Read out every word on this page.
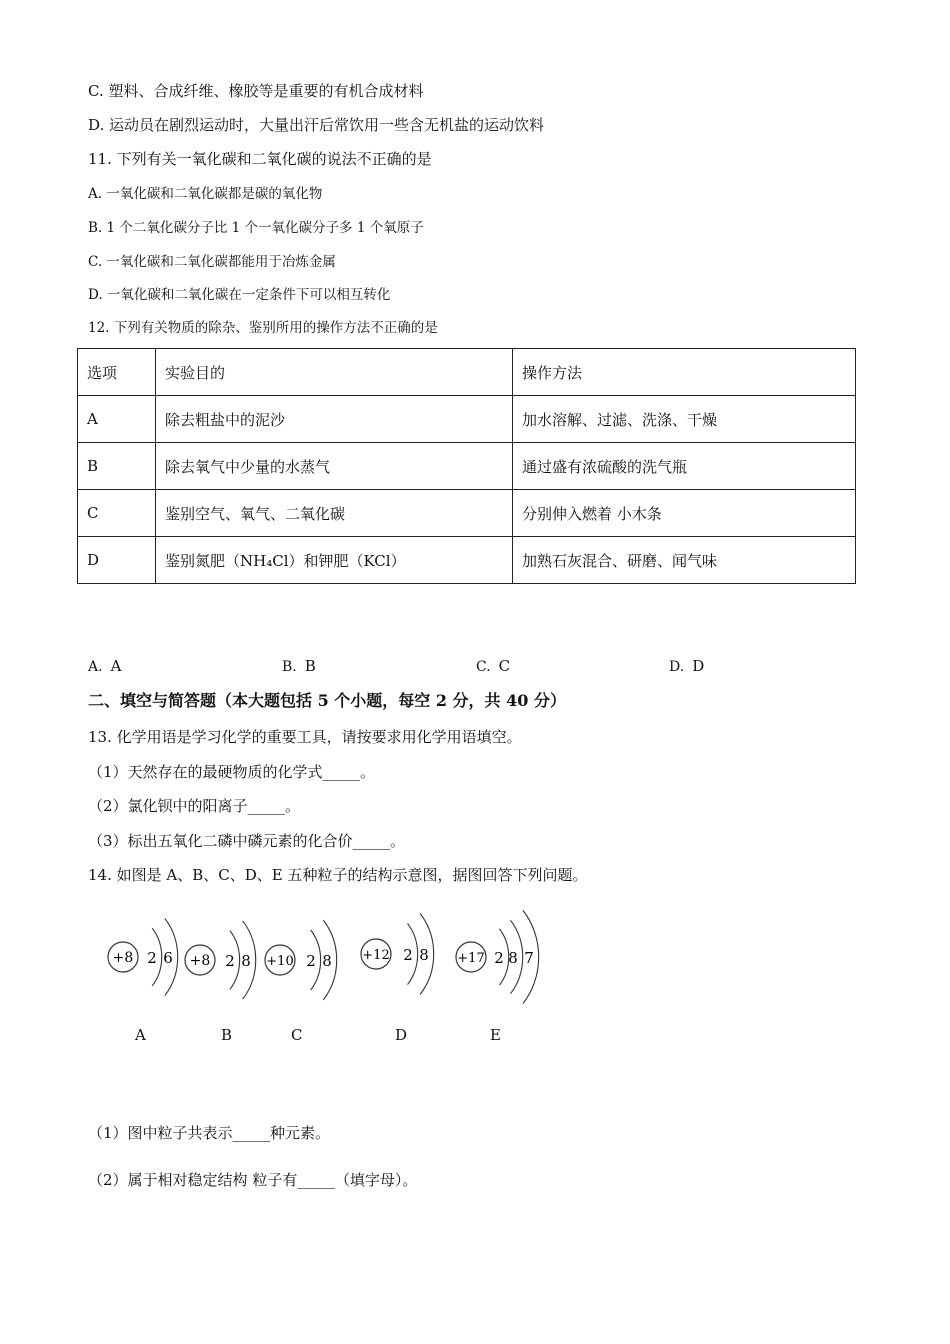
C. 塑料、合成纤维、橡胶等是重要的有机合成材料
D. 运动员在剧烈运动时，大量出汗后常饮用一些含无机盐的运动饮料
11. 下列有关一氧化碳和二氧化碳的说法不正确的是
A. 一氧化碳和二氧化碳都是碳的氧化物
B. 1 个二氧化碳分子比 1 个一氧化碳分子多 1 个氧原子
C. 一氧化碳和二氧化碳都能用于冶炼金属
D. 一氧化碳和二氧化碳在一定条件下可以相互转化
12. 下列有关物质的除杂、鉴别所用的操作方法不正确的是
选项	实验目的	操作方法
A	除去粗盐中的泥沙	加水溶解、过滤、洗涤、干燥
B	除去氧气中少量的水蒸气	通过盛有浓硫酸的洗气瓶
C	鉴别空气、氧气、二氧化碳	分别伸入燃着 小木条
D	鉴别氮肥（NH₄Cl）和钾肥（KCl）	加熟石灰混合、研磨、闻气味
A. A	B. B	C. C	D. D
二、填空与简答题（本大题包括 5 个小题，每空 2 分，共 40 分）
13. 化学用语是学习化学的重要工具，请按要求用化学用语填空。
（1）天然存在的最硬物质的化学式_____。
（2）氯化钡中的阳离子_____。
（3）标出五氧化二磷中磷元素的化合价_____。
14. 如图是 A、B、C、D、E 五种粒子的结构示意图，据图回答下列问题。
+8 2 6 +8 2 8 +10 2 8 +12 2 8 +17 2 8 7
A	B	C	D	E
（1）图中粒子共表示_____种元素。
（2）属于相对稳定结构 粒子有_____（填字母）。
